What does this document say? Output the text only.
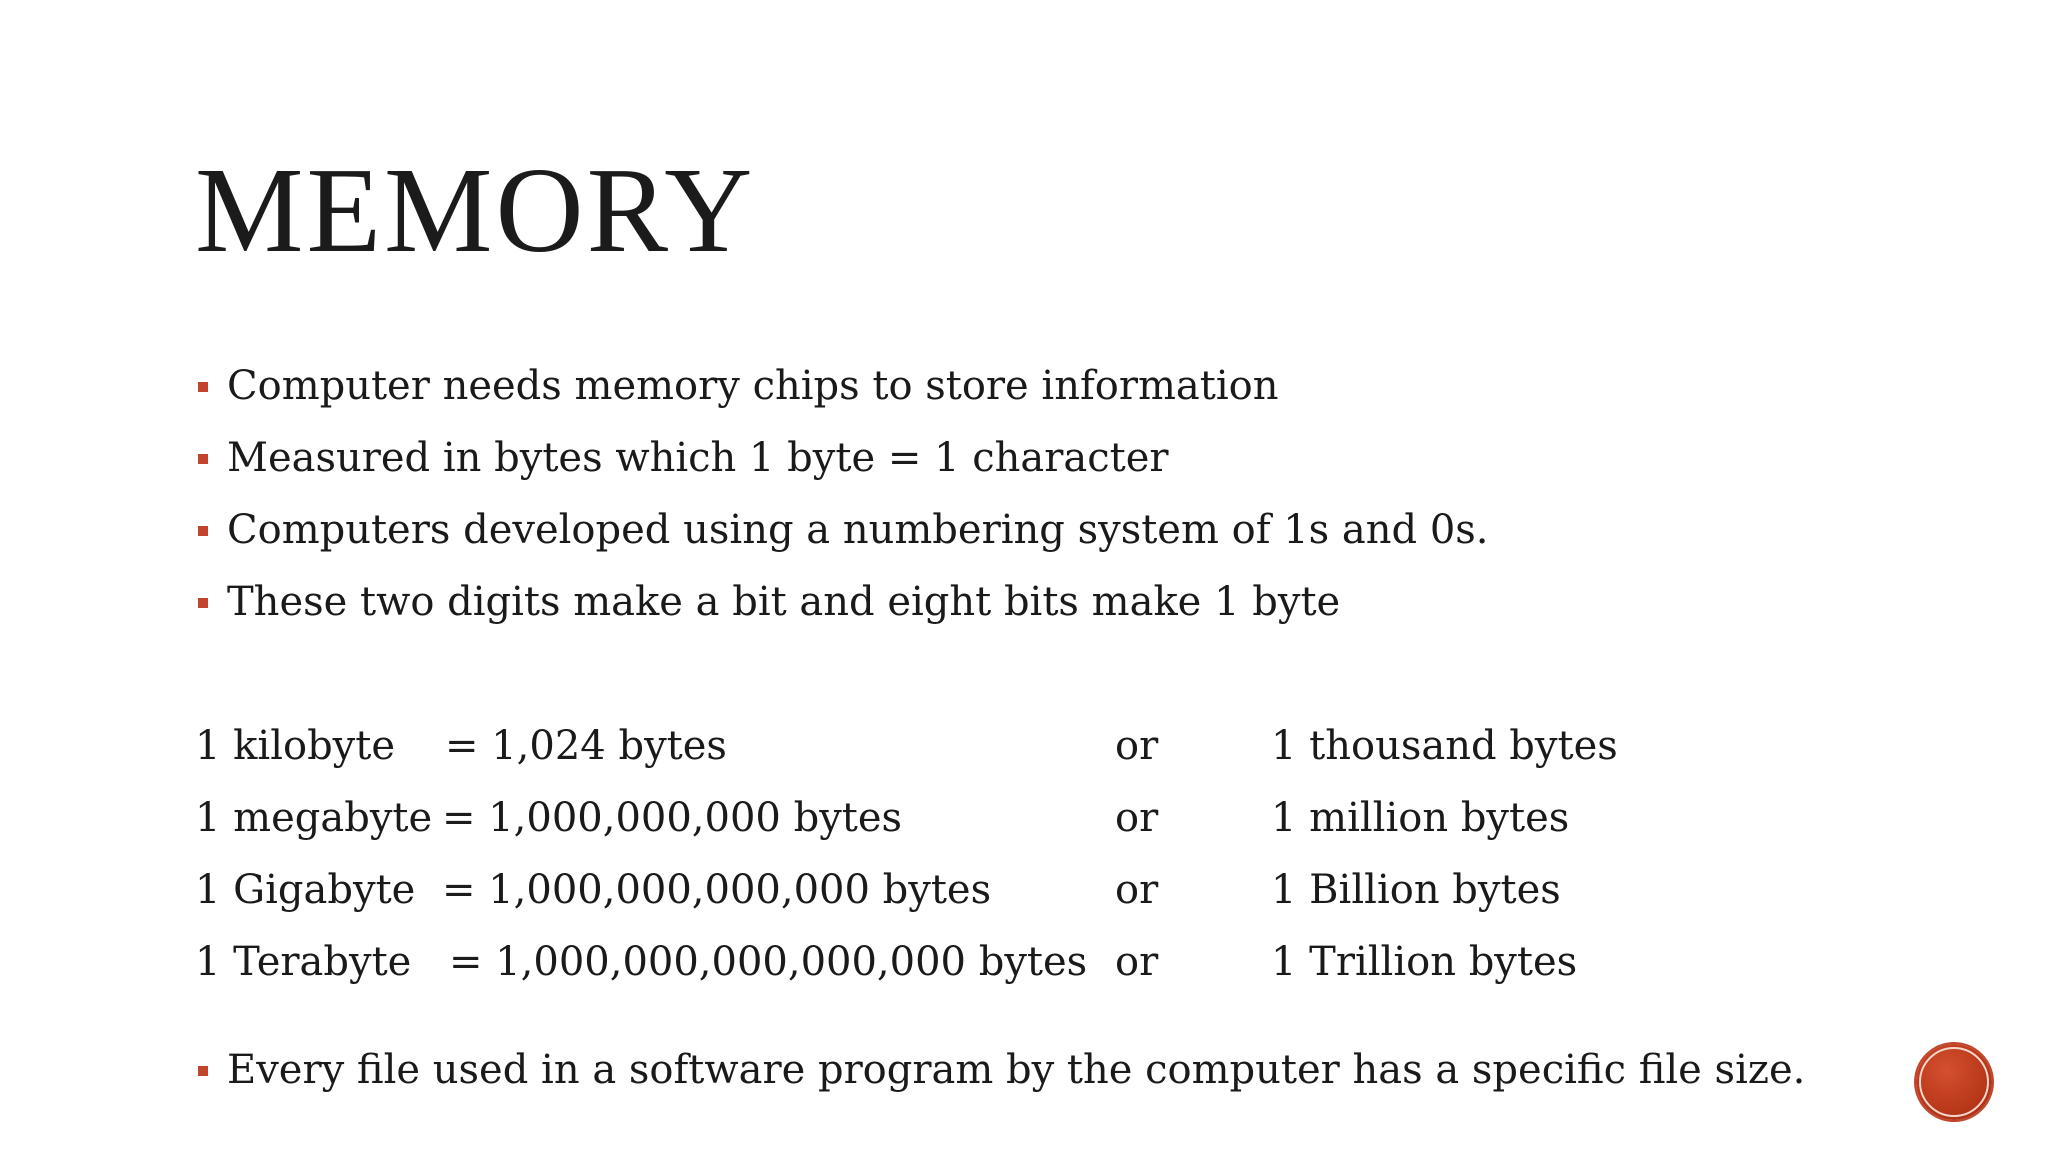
MEMORY
Computer needs memory chips to store information
Measured in bytes which 1 byte = 1 character
Computers developed using a numbering system of 1s and 0s.
These two digits make a bit and eight bits make 1 byte
1 kilobyte = 1,024 bytes	or	1 thousand bytes
1 megabyte = 1,000,000,000 bytes	or	1 million bytes
1 Gigabyte = 1,000,000,000,000 bytes	or	1 Billion bytes
1 Terabyte = 1,000,000,000,000,000 bytes or	1 Trillion bytes
Every file used in a software program by the computer has a specific file size.
